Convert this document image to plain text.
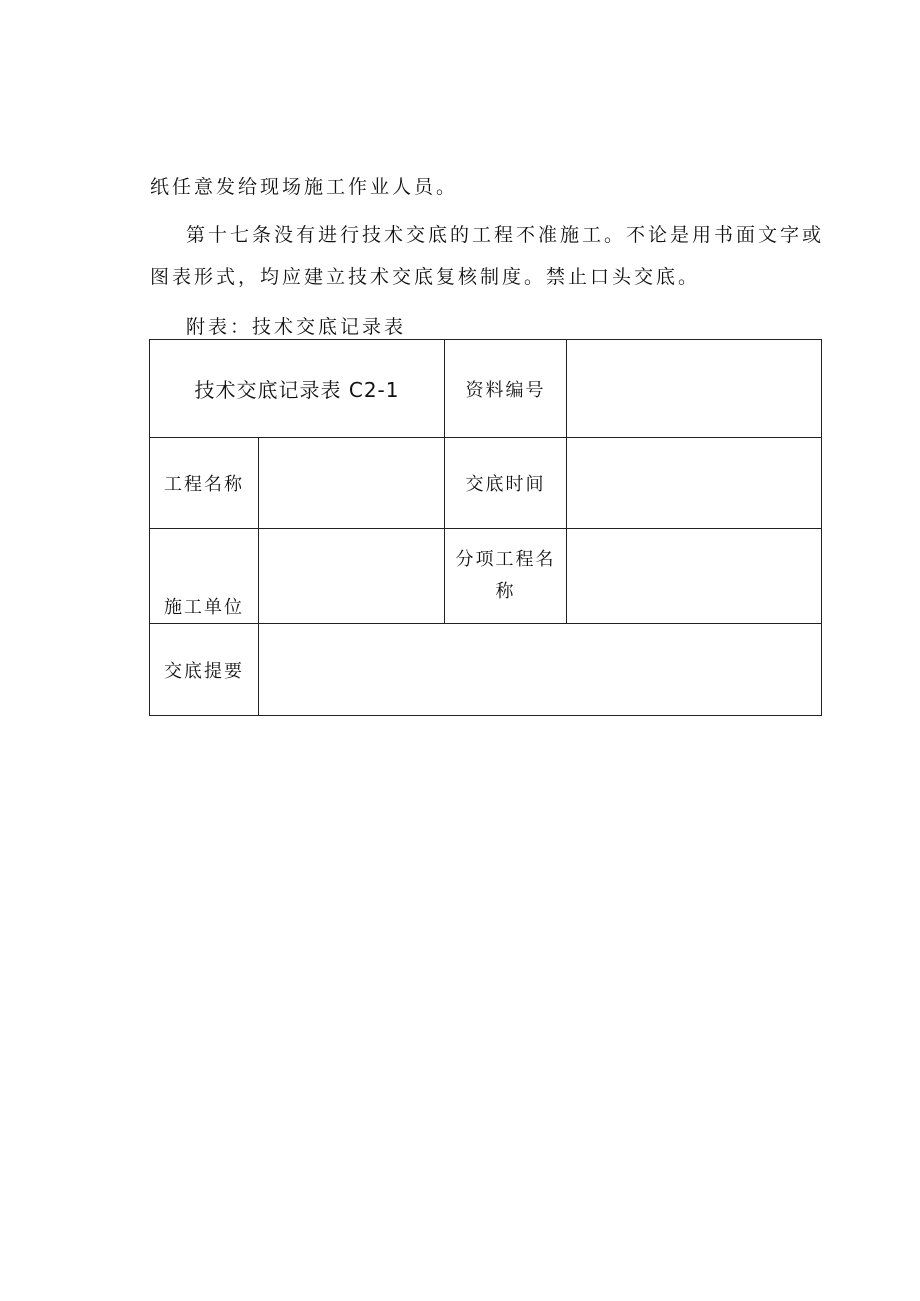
纸任意发给现场施工作业人员。

第十七条没有进行技术交底的工程不准施工。不论是用书面文字或

图表形式，均应建立技术交底复核制度。禁止口头交底。

附表：技术交底记录表

技术交底记录表 C2-1		资料编号	
工程名称		交底时间	
施工单位		分项工程名
称	

交底提要			
